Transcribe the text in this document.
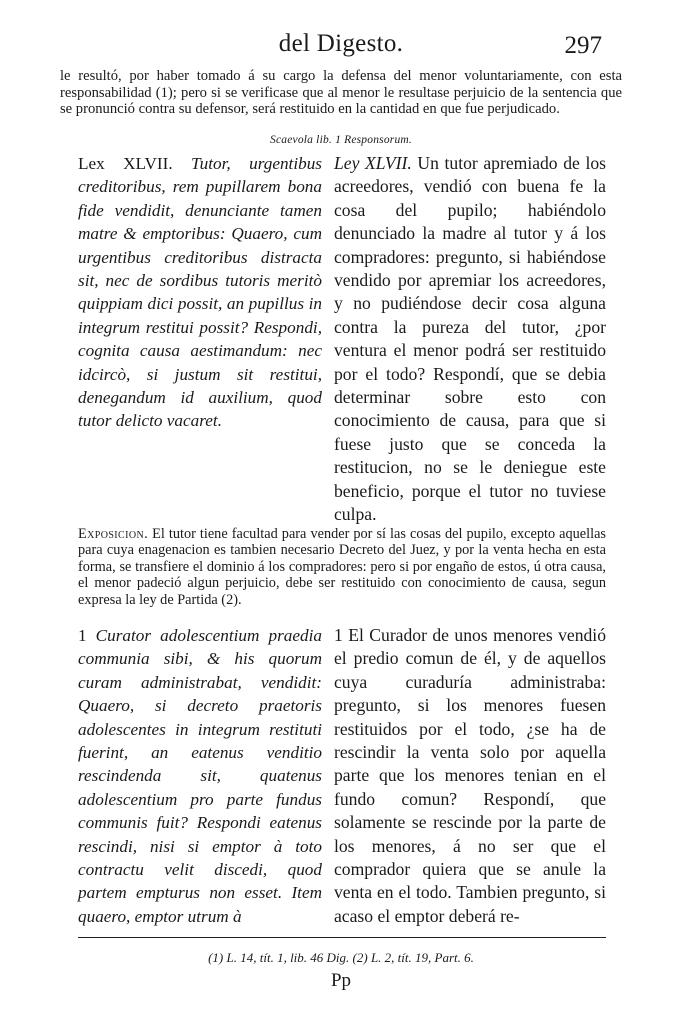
del Digesto.	297
le resultó, por haber tomado á su cargo la defensa del menor voluntariamente, con esta responsabilidad (1); pero si se verificase que al menor le resultase perjuicio de la sentencia que se pronunció contra su defensor, será restituido en la cantidad en que fue perjudicado.
Scaevola lib. 1 Responsorum.
Lex XLVII. Tutor, urgentibus creditoribus, rem pupillarem bona fide vendidit, denunciante tamen matre & emptoribus: Quaero, cum urgentibus creditoribus distracta sit, nec de sordibus tutoris meritò quippiam dici possit, an pupillus in integrum restitui possit? Respondi, cognita causa aestimandum: nec idcircò, si justum sit restitui, denegandum id auxilium, quod tutor delicto vacaret.
Ley XLVII. Un tutor apremiado de los acreedores, vendió con buena fe la cosa del pupilo; habiéndolo denunciado la madre al tutor y á los compradores: pregunto, si habiéndose vendido por apremiar los acreedores, y no pudiéndose decir cosa alguna contra la pureza del tutor, ¿por ventura el menor podrá ser restituido por el todo? Respondí, que se debia determinar sobre esto con conocimiento de causa, para que si fuese justo que se conceda la restitucion, no se le deniegue este beneficio, porque el tutor no tuviese culpa.
Exposicion. El tutor tiene facultad para vender por sí las cosas del pupilo, excepto aquellas para cuya enagenacion es tambien necesario Decreto del Juez, y por la venta hecha en esta forma, se transfiere el dominio á los compradores: pero si por engaño de estos, ú otra causa, el menor padeció algun perjuicio, debe ser restituido con conocimiento de causa, segun expresa la ley de Partida (2).
1 Curator adolescentium praedia communia sibi, & his quorum curam administrabat, vendidit: Quaero, si decreto praetoris adolescentes in integrum restituti fuerint, an eatenus venditio rescindenda sit, quatenus adolescentium pro parte fundus communis fuit? Respondi eatenus rescindi, nisi si emptor à toto contractu velit discedi, quod partem empturus non esset. Item quaero, emptor utrum à
1 El Curador de unos menores vendió el predio comun de él, y de aquellos cuya curaduría administraba: pregunto, si los menores fuesen restituidos por el todo, ¿se ha de rescindir la venta solo por aquella parte que los menores tenian en el fundo comun? Respondí, que solamente se rescinde por la parte de los menores, á no ser que el comprador quiera que se anule la venta en el todo. Tambien pregunto, si acaso el emptor deberá re-
(1) L. 14, tít. 1, lib. 46 Dig. (2) L. 2, tít. 19, Part. 6.
Pp
